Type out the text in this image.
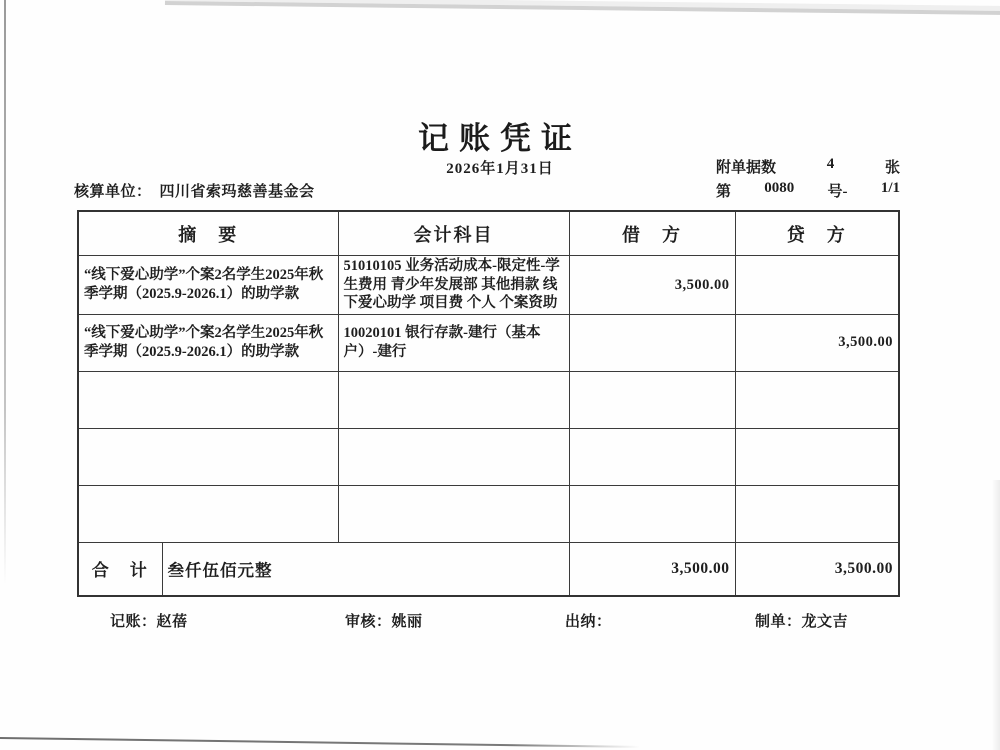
记账凭证
2026年1月31日	附单据数	4	张
第 0080 号- 1/1
核算单位： 四川省索玛慈善基金会
摘　要		会计科目	借　方	贷　方
“线下爱心助学”个案2名学生2025年秋季学期（2025.9-2026.1）的助学款		51010105 业务活动成本-限定性-学生费用 青少年发展部 其他捐款 线下爱心助学 项目费 个人 个案资助	3,500.00	
“线下爱心助学”个案2名学生2025年秋季学期（2025.9-2026.1）的助学款		10020101 银行存款-建行（基本户）-建行		3,500.00

合　计	叁仟伍佰元整		3,500.00	3,500.00
记账：赵蓓	审核：姚丽	出纳：	制单：龙文吉
